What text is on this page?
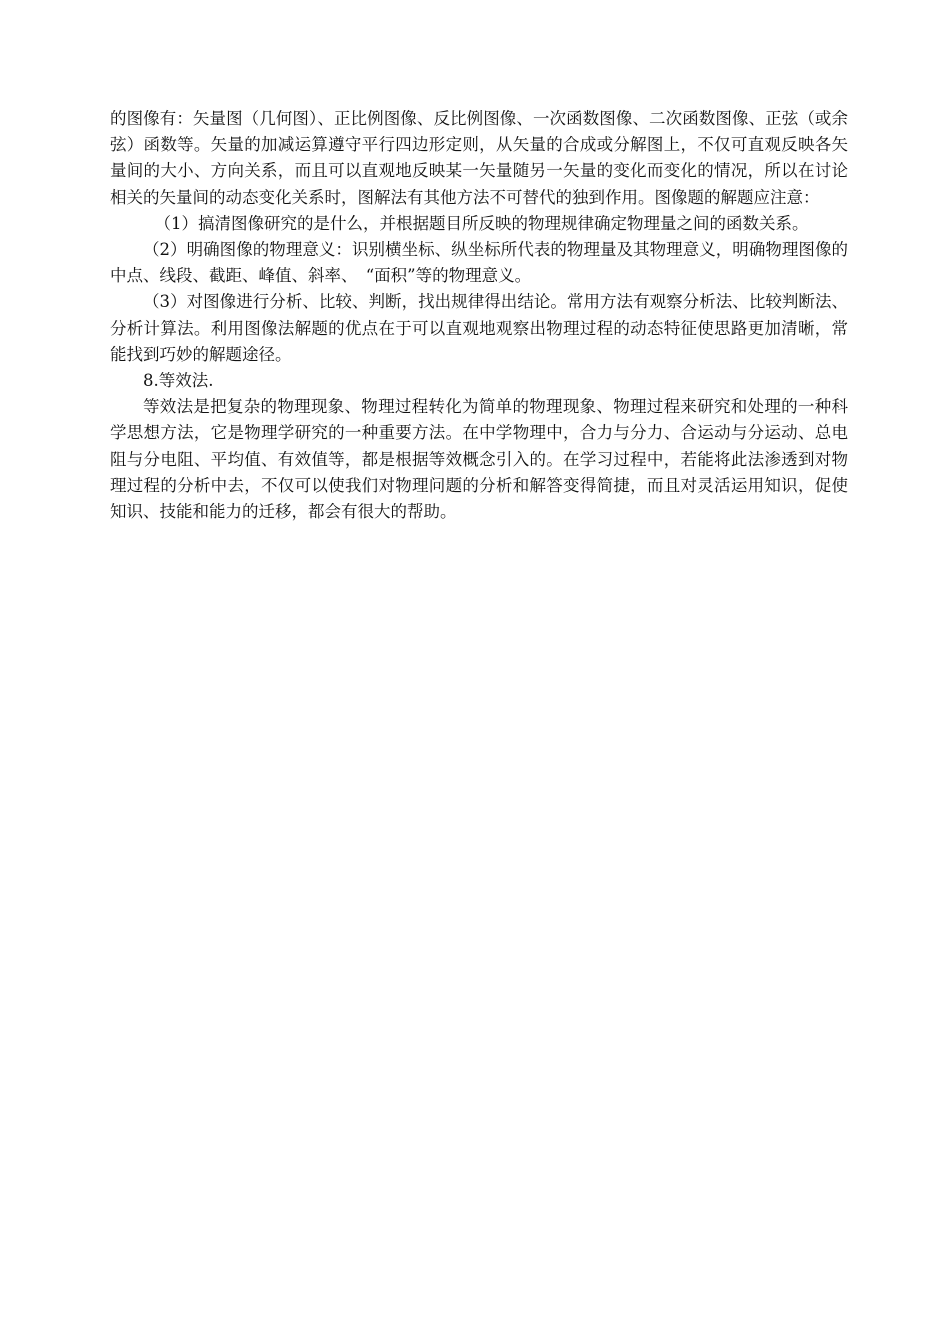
的图像有：矢量图（几何图）、正比例图像、反比例图像、一次函数图像、二次函数图像、正弦（或余弦）函数等。矢量的加减运算遵守平行四边形定则，从矢量的合成或分解图上，不仅可直观反映各矢量间的大小、方向关系，而且可以直观地反映某一矢量随另一矢量的变化而变化的情况，所以在讨论相关的矢量间的动态变化关系时，图解法有其他方法不可替代的独到作用。图像题的解题应注意：

（1）搞清图像研究的是什么，并根据题目所反映的物理规律确定物理量之间的函数关系。

（2）明确图像的物理意义：识别横坐标、纵坐标所代表的物理量及其物理意义，明确物理图像的中点、线段、截距、峰值、斜率、　“面积”等的物理意义。

（3）对图像进行分析、比较、判断，找出规律得出结论。常用方法有观察分析法、比较判断法、分析计算法。利用图像法解题的优点在于可以直观地观察出物理过程的动态特征使思路更加清晰，常能找到巧妙的解题途径。

8.等效法.

等效法是把复杂的物理现象、物理过程转化为简单的物理现象、物理过程来研究和处理的一种科学思想方法，它是物理学研究的一种重要方法。在中学物理中，合力与分力、合运动与分运动、总电阻与分电阻、平均值、有效值等，都是根据等效概念引入的。在学习过程中，若能将此法渗透到对物理过程的分析中去，不仅可以使我们对物理问题的分析和解答变得简捷，而且对灵活运用知识，促使知识、技能和能力的迁移，都会有很大的帮助。
